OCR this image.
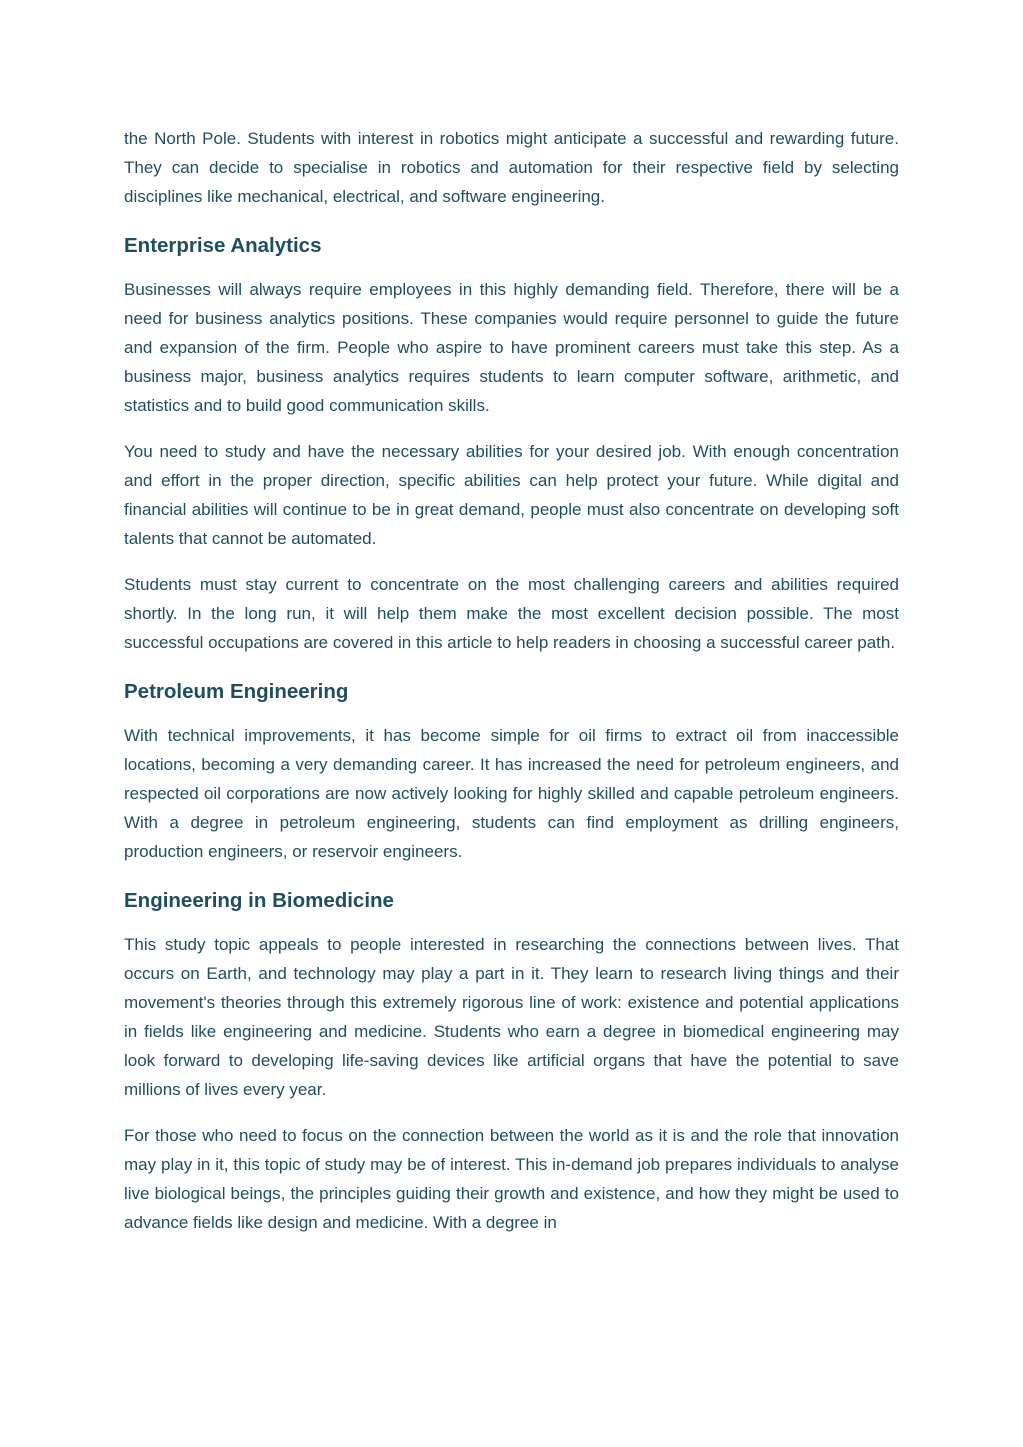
the North Pole. Students with interest in robotics might anticipate a successful and rewarding future. They can decide to specialise in robotics and automation for their respective field by selecting disciplines like mechanical, electrical, and software engineering.

Enterprise Analytics

Businesses will always require employees in this highly demanding field. Therefore, there will be a need for business analytics positions. These companies would require personnel to guide the future and expansion of the firm. People who aspire to have prominent careers must take this step. As a business major, business analytics requires students to learn computer software, arithmetic, and statistics and to build good communication skills.

You need to study and have the necessary abilities for your desired job. With enough concentration and effort in the proper direction, specific abilities can help protect your future. While digital and financial abilities will continue to be in great demand, people must also concentrate on developing soft talents that cannot be automated.

Students must stay current to concentrate on the most challenging careers and abilities required shortly. In the long run, it will help them make the most excellent decision possible. The most successful occupations are covered in this article to help readers in choosing a successful career path.

Petroleum Engineering

With technical improvements, it has become simple for oil firms to extract oil from inaccessible locations, becoming a very demanding career. It has increased the need for petroleum engineers, and respected oil corporations are now actively looking for highly skilled and capable petroleum engineers. With a degree in petroleum engineering, students can find employment as drilling engineers, production engineers, or reservoir engineers.

Engineering in Biomedicine

This study topic appeals to people interested in researching the connections between lives. That occurs on Earth, and technology may play a part in it. They learn to research living things and their movement's theories through this extremely rigorous line of work: existence and potential applications in fields like engineering and medicine. Students who earn a degree in biomedical engineering may look forward to developing life-saving devices like artificial organs that have the potential to save millions of lives every year.

For those who need to focus on the connection between the world as it is and the role that innovation may play in it, this topic of study may be of interest. This in-demand job prepares individuals to analyse live biological beings, the principles guiding their growth and existence, and how they might be used to advance fields like design and medicine. With a degree in
